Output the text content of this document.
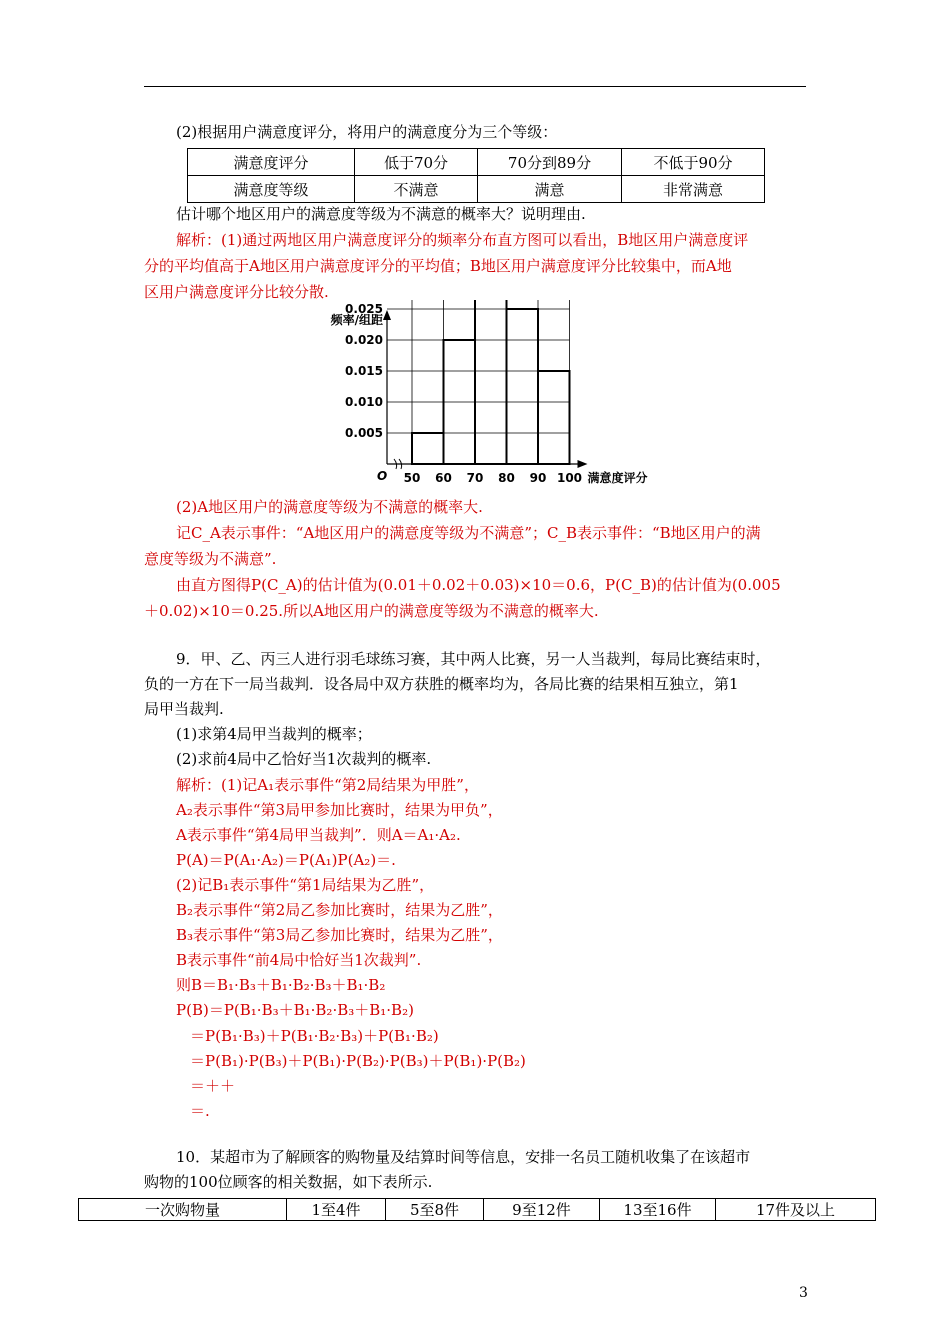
(2)根据用户满意度评分，将用户的满意度分为三个等级：
满意度评分	低于70分	70分到89分	不低于90分
满意度等级	不满意	满意	非常满意
估计哪个地区用户的满意度等级为不满意的概率大？说明理由.
解析：(1)通过两地区用户满意度评分的频率分布直方图可以看出，B地区用户满意度评
分的平均值高于A地区用户满意度评分的平均值；B地区用户满意度评分比较集中，而A地
区用户满意度评分比较分散.
0.005
0.010
0.015
0.020
0.025
50 60 70 80 90 100
O
频率/组距
满意度评分
(2)A地区用户的满意度等级为不满意的概率大.
记C_A表示事件：“A地区用户的满意度等级为不满意”；C_B表示事件：“B地区用户的满
意度等级为不满意”.
由直方图得P(C_A)的估计值为(0.01＋0.02＋0.03)×10＝0.6，P(C_B)的估计值为(0.005
＋0.02)×10＝0.25.所以A地区用户的满意度等级为不满意的概率大.
9．甲、乙、丙三人进行羽毛球练习赛，其中两人比赛，另一人当裁判，每局比赛结束时，
负的一方在下一局当裁判．设各局中双方获胜的概率均为，各局比赛的结果相互独立，第1
局甲当裁判.
(1)求第4局甲当裁判的概率；
(2)求前4局中乙恰好当1次裁判的概率.
解析：(1)记A₁表示事件“第2局结果为甲胜”，
A₂表示事件“第3局甲参加比赛时，结果为甲负”，
A表示事件“第4局甲当裁判”．则A＝A₁·A₂.
P(A)＝P(A₁·A₂)＝P(A₁)P(A₂)＝.
(2)记B₁表示事件“第1局结果为乙胜”，
B₂表示事件“第2局乙参加比赛时，结果为乙胜”，
B₃表示事件“第3局乙参加比赛时，结果为乙胜”，
B表示事件“前4局中恰好当1次裁判”.
则B＝B₁·B₃＋B₁·B₂·B₃＋B₁·B₂
P(B)＝P(B₁·B₃＋B₁·B₂·B₃＋B₁·B₂)
＝P(B₁·B₃)＋P(B₁·B₂·B₃)＋P(B₁·B₂)
＝P(B₁)·P(B₃)＋P(B₁)·P(B₂)·P(B₃)＋P(B₁)·P(B₂)
＝＋＋
＝.
10．某超市为了解顾客的购物量及结算时间等信息，安排一名员工随机收集了在该超市
购物的100位顾客的相关数据，如下表所示.
一次购物量	1至4件	5至8件	9至12件	13至16件	17件及以上
3
